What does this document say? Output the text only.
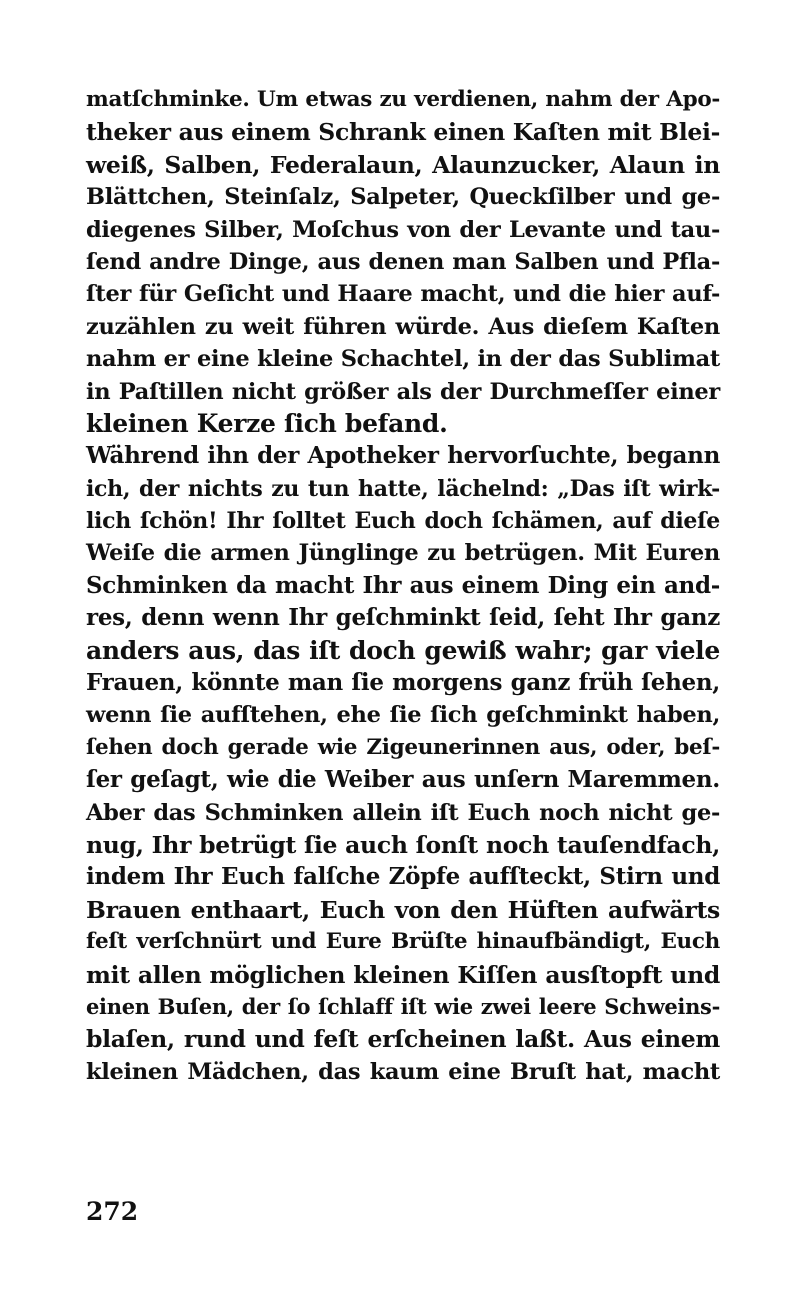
matſchminke. Um etwas zu verdienen, nahm der Apo-
theker aus einem Schrank einen Kaſten mit Blei-
weiß, Salben, Federalaun, Alaunzucker, Alaun in
Blättchen, Steinſalz, Salpeter, Queckſilber und ge-
diegenes Silber, Moſchus von der Levante und tau-
ſend andre Dinge, aus denen man Salben und Pfla-
ſter für Geſicht und Haare macht, und die hier auf-
zuzählen zu weit führen würde. Aus dieſem Kaſten
nahm er eine kleine Schachtel, in der das Sublimat
in Paſtillen nicht größer als der Durchmeſſer einer
kleinen Kerze ſich befand.
Während ihn der Apotheker hervorſuchte, begann
ich, der nichts zu tun hatte, lächelnd: „Das iſt wirk-
lich ſchön! Ihr ſolltet Euch doch ſchämen, auf dieſe
Weiſe die armen Jünglinge zu betrügen. Mit Euren
Schminken da macht Ihr aus einem Ding ein and-
res, denn wenn Ihr geſchminkt ſeid, ſeht Ihr ganz
anders aus, das iſt doch gewiß wahr; gar viele
Frauen, könnte man ſie morgens ganz früh ſehen,
wenn ſie aufſtehen, ehe ſie ſich geſchminkt haben,
ſehen doch gerade wie Zigeunerinnen aus, oder, beſ-
ſer geſagt, wie die Weiber aus unſern Maremmen.
Aber das Schminken allein iſt Euch noch nicht ge-
nug, Ihr betrügt ſie auch ſonſt noch tauſendfach,
indem Ihr Euch falſche Zöpfe aufſteckt, Stirn und
Brauen enthaart, Euch von den Hüften aufwärts
feſt verſchnürt und Eure Brüſte hinaufbändigt, Euch
mit allen möglichen kleinen Kiſſen ausſtopft und
einen Buſen, der ſo ſchlaff iſt wie zwei leere Schweins-
blaſen, rund und feſt erſcheinen laßt. Aus einem
kleinen Mädchen, das kaum eine Bruſt hat, macht
272
